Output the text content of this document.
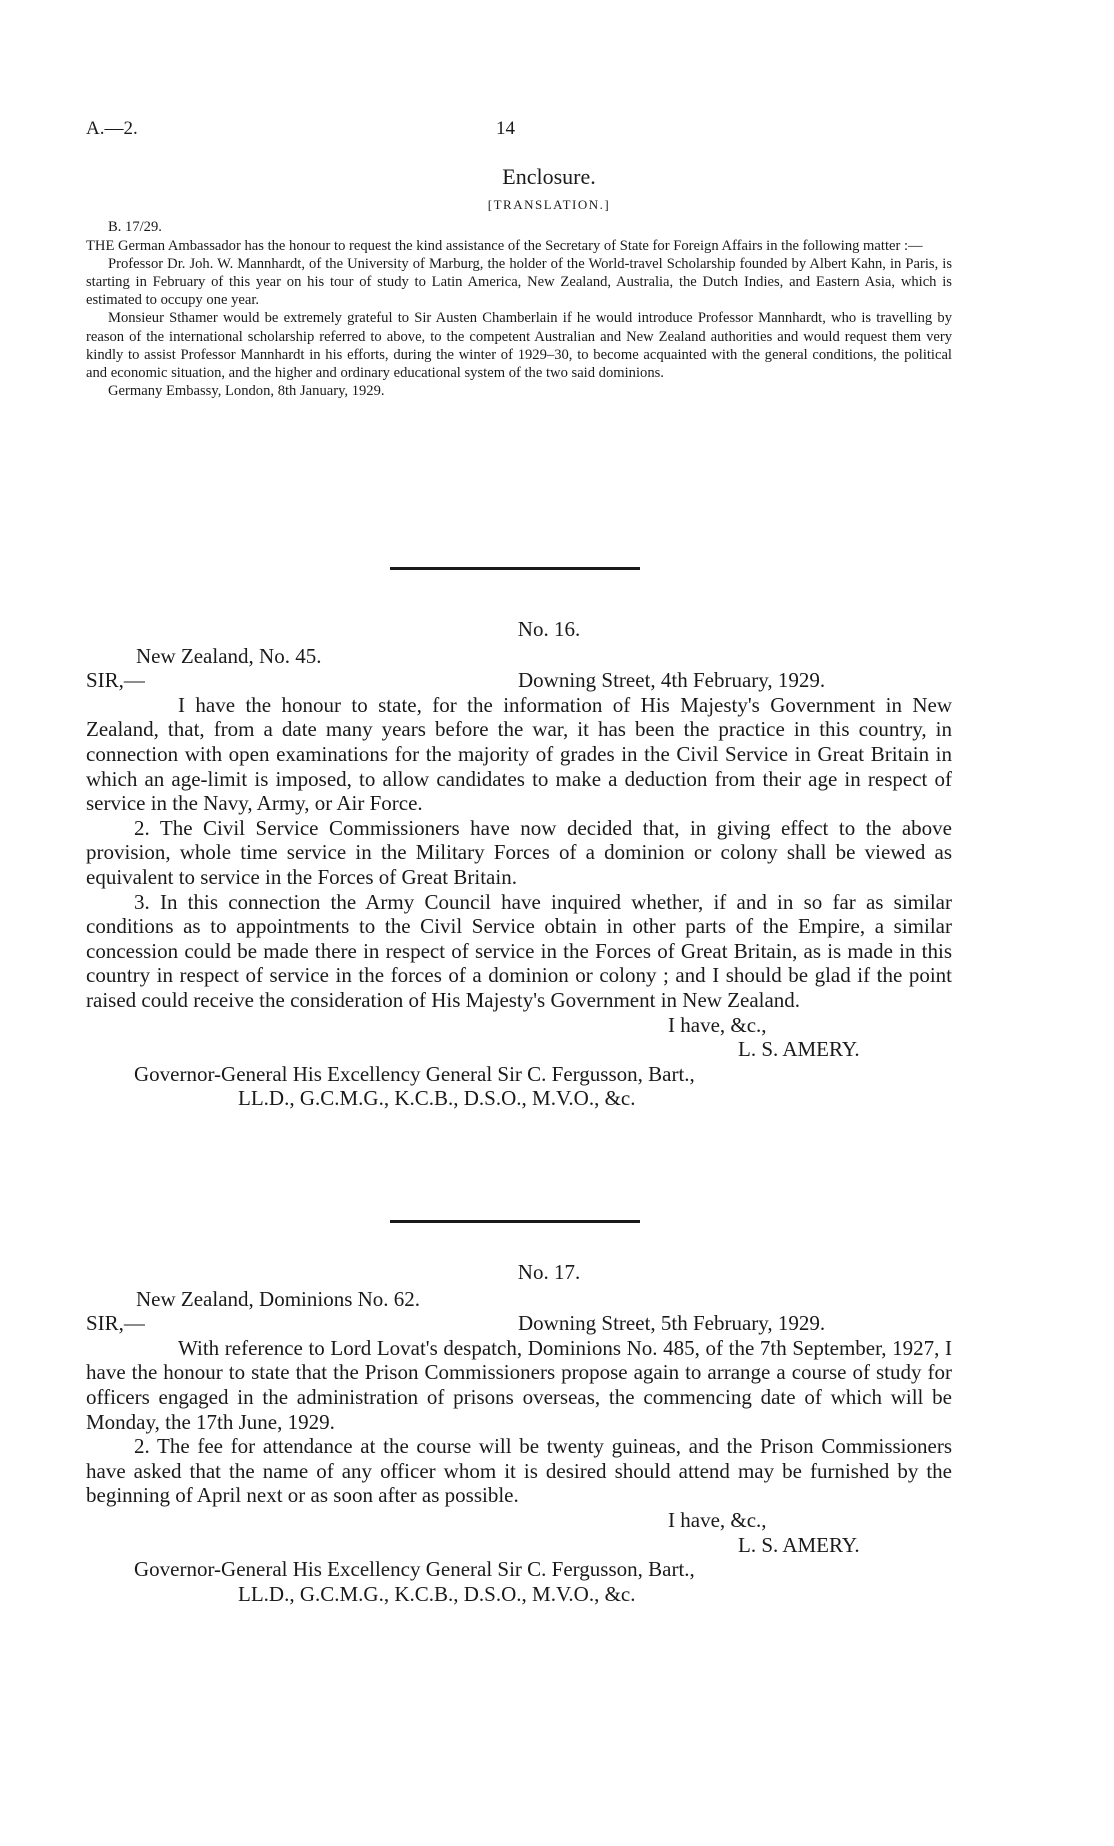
A.—2.	14
Enclosure.
[TRANSLATION.]
B. 17/29.

THE German Ambassador has the honour to request the kind assistance of the Secretary of State for Foreign Affairs in the following matter :—

Professor Dr. Joh. W. Mannhardt, of the University of Marburg, the holder of the World-travel Scholarship founded by Albert Kahn, in Paris, is starting in February of this year on his tour of study to Latin America, New Zealand, Australia, the Dutch Indies, and Eastern Asia, which is estimated to occupy one year.

Monsieur Sthamer would be extremely grateful to Sir Austen Chamberlain if he would introduce Professor Mannhardt, who is travelling by reason of the international scholarship referred to above, to the competent Australian and New Zealand authorities and would request them very kindly to assist Professor Mannhardt in his efforts, during the winter of 1929–30, to become acquainted with the general conditions, the political and economic situation, and the higher and ordinary educational system of the two said dominions.

Germany Embassy, London, 8th January, 1929.
No. 16.
New Zealand, No. 45.
SIR,—	Downing Street, 4th February, 1929.

I have the honour to state, for the information of His Majesty's Government in New Zealand, that, from a date many years before the war, it has been the practice in this country, in connection with open examinations for the majority of grades in the Civil Service in Great Britain in which an age-limit is imposed, to allow candidates to make a deduction from their age in respect of service in the Navy, Army, or Air Force.

2. The Civil Service Commissioners have now decided that, in giving effect to the above provision, whole time service in the Military Forces of a dominion or colony shall be viewed as equivalent to service in the Forces of Great Britain.

3. In this connection the Army Council have inquired whether, if and in so far as similar conditions as to appointments to the Civil Service obtain in other parts of the Empire, a similar concession could be made there in respect of service in the Forces of Great Britain, as is made in this country in respect of service in the forces of a dominion or colony ; and I should be glad if the point raised could receive the consideration of His Majesty's Government in New Zealand.

I have, &c.,
L. S. AMERY.
Governor-General His Excellency General Sir C. Fergusson, Bart.,
LL.D., G.C.M.G., K.C.B., D.S.O., M.V.O., &c.
No. 17.
New Zealand, Dominions No. 62.
SIR,—	Downing Street, 5th February, 1929.

With reference to Lord Lovat's despatch, Dominions No. 485, of the 7th September, 1927, I have the honour to state that the Prison Commissioners propose again to arrange a course of study for officers engaged in the administration of prisons overseas, the commencing date of which will be Monday, the 17th June, 1929.

2. The fee for attendance at the course will be twenty guineas, and the Prison Commissioners have asked that the name of any officer whom it is desired should attend may be furnished by the beginning of April next or as soon after as possible.

I have, &c.,
L. S. AMERY.
Governor-General His Excellency General Sir C. Fergusson, Bart.,
LL.D., G.C.M.G., K.C.B., D.S.O., M.V.O., &c.
